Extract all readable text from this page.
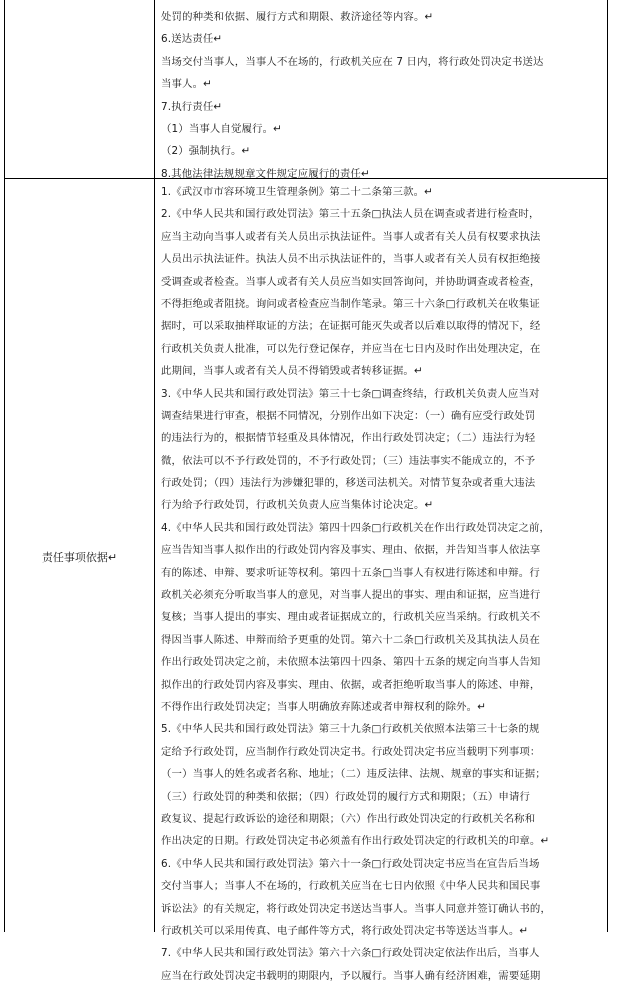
处罚的种类和依据、履行方式和期限、救济途径等内容。↵
6.送达责任↵
当场交付当事人，当事人不在场的，行政机关应在 7 日内，将行政处罚决定书送达
当事人。↵
7.执行责任↵
（1）当事人自觉履行。↵
（2）强制执行。↵
8.其他法律法规规章文件规定应履行的责任↵
责任事项依据↵
1.《武汉市市容环境卫生管理条例》第二十二条第三款。↵
2.《中华人民共和国行政处罚法》第三十五条□执法人员在调查或者进行检查时，
应当主动向当事人或者有关人员出示执法证件。当事人或者有关人员有权要求执法
人员出示执法证件。执法人员不出示执法证件的，当事人或者有关人员有权拒绝接
受调查或者检查。当事人或者有关人员应当如实回答询问，并协助调查或者检查，
不得拒绝或者阻挠。询问或者检查应当制作笔录。第三十六条□行政机关在收集证
据时，可以采取抽样取证的方法；在证据可能灭失或者以后难以取得的情况下，经
行政机关负责人批准，可以先行登记保存，并应当在七日内及时作出处理决定，在
此期间，当事人或者有关人员不得销毁或者转移证据。↵
3.《中华人民共和国行政处罚法》第三十七条□调查终结，行政机关负责人应当对
调查结果进行审查，根据不同情况，分别作出如下决定：（一）确有应受行政处罚
的违法行为的，根据情节轻重及具体情况，作出行政处罚决定；（二）违法行为轻
微，依法可以不予行政处罚的，不予行政处罚；（三）违法事实不能成立的，不予
行政处罚；（四）违法行为涉嫌犯罪的，移送司法机关。对情节复杂或者重大违法
行为给予行政处罚，行政机关负责人应当集体讨论决定。↵
4.《中华人民共和国行政处罚法》第四十四条□行政机关在作出行政处罚决定之前，
应当告知当事人拟作出的行政处罚内容及事实、理由、依据，并告知当事人依法享
有的陈述、申辩、要求听证等权利。第四十五条□当事人有权进行陈述和申辩。行
政机关必须充分听取当事人的意见，对当事人提出的事实、理由和证据，应当进行
复核；当事人提出的事实、理由或者证据成立的，行政机关应当采纳。行政机关不
得因当事人陈述、申辩而给予更重的处罚。第六十二条□行政机关及其执法人员在
作出行政处罚决定之前，未依照本法第四十四条、第四十五条的规定向当事人告知
拟作出的行政处罚内容及事实、理由、依据，或者拒绝听取当事人的陈述、申辩，
不得作出行政处罚决定；当事人明确放弃陈述或者申辩权利的除外。↵
5.《中华人民共和国行政处罚法》第三十九条□行政机关依照本法第三十七条的规
定给予行政处罚，应当制作行政处罚决定书。行政处罚决定书应当载明下列事项：
（一）当事人的姓名或者名称、地址；（二）违反法律、法规、规章的事实和证据；
（三）行政处罚的种类和依据；（四）行政处罚的履行方式和期限；（五）申请行
政复议、提起行政诉讼的途径和期限；（六）作出行政处罚决定的行政机关名称和
作出决定的日期。行政处罚决定书必须盖有作出行政处罚决定的行政机关的印章。↵
6.《中华人民共和国行政处罚法》第六十一条□行政处罚决定书应当在宣告后当场
交付当事人；当事人不在场的，行政机关应当在七日内依照《中华人民共和国民事
诉讼法》的有关规定，将行政处罚决定书送达当事人。当事人同意并签订确认书的，
行政机关可以采用传真、电子邮件等方式，将行政处罚决定书等送达当事人。↵
7.《中华人民共和国行政处罚法》第六十六条□行政处罚决定依法作出后，当事人
应当在行政处罚决定书载明的期限内，予以履行。当事人确有经济困难，需要延期
